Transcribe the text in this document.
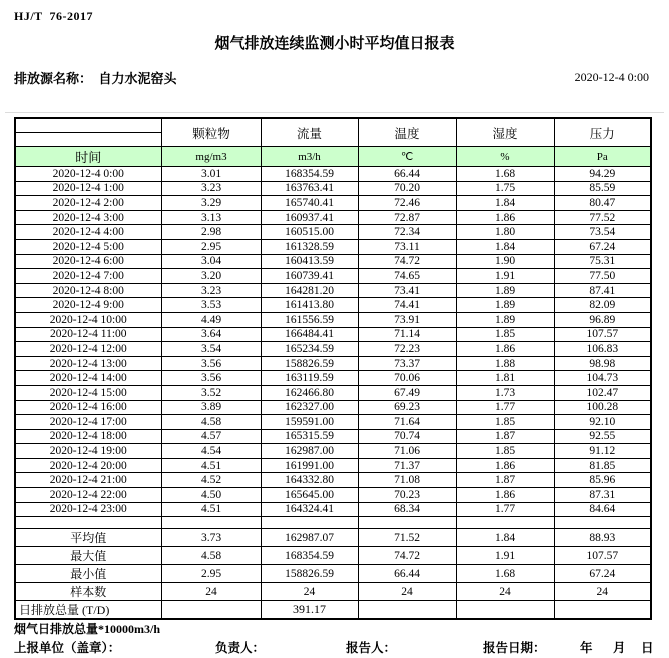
HJ/T  76-2017
烟气排放连续监测小时平均值日报表
排放源名称： 自力水泥窑头	2020-12-4 0:00
	颗粒物	流量	温度	湿度	压力

时间	mg/m3	m3/h	℃	%	Pa
2020-12-4 0:00	3.01	168354.59	66.44	1.68	94.29
2020-12-4 1:00	3.23	163763.41	70.20	1.75	85.59
2020-12-4 2:00	3.29	165740.41	72.46	1.84	80.47
2020-12-4 3:00	3.13	160937.41	72.87	1.86	77.52
2020-12-4 4:00	2.98	160515.00	72.34	1.80	73.54
2020-12-4 5:00	2.95	161328.59	73.11	1.84	67.24
2020-12-4 6:00	3.04	160413.59	74.72	1.90	75.31
2020-12-4 7:00	3.20	160739.41	74.65	1.91	77.50
2020-12-4 8:00	3.23	164281.20	73.41	1.89	87.41
2020-12-4 9:00	3.53	161413.80	74.41	1.89	82.09
2020-12-4 10:00	4.49	161556.59	73.91	1.89	96.89
2020-12-4 11:00	3.64	166484.41	71.14	1.85	107.57
2020-12-4 12:00	3.54	165234.59	72.23	1.86	106.83
2020-12-4 13:00	3.56	158826.59	73.37	1.88	98.98
2020-12-4 14:00	3.56	163119.59	70.06	1.81	104.73
2020-12-4 15:00	3.52	162466.80	67.49	1.73	102.47
2020-12-4 16:00	3.89	162327.00	69.23	1.77	100.28
2020-12-4 17:00	4.58	159591.00	71.64	1.85	92.10
2020-12-4 18:00	4.57	165315.59	70.74	1.87	92.55
2020-12-4 19:00	4.54	162987.00	71.06	1.85	91.12
2020-12-4 20:00	4.51	161991.00	71.37	1.86	81.85
2020-12-4 21:00	4.52	164332.80	71.08	1.87	85.96
2020-12-4 22:00	4.50	165645.00	70.23	1.86	87.31
2020-12-4 23:00	4.51	164324.41	68.34	1.77	84.64

平均值	3.73	162987.07	71.52	1.84	88.93
最大值	4.58	168354.59	74.72	1.91	107.57
最小值	2.95	158826.59	66.44	1.68	67.24
样本数	24	24	24	24	24
日排放总量 (T/D)		391.17			
烟气日排放总量*10000m3/h
上报单位（盖章）：	负责人：	报告人：	报告日期：	年 月 日
